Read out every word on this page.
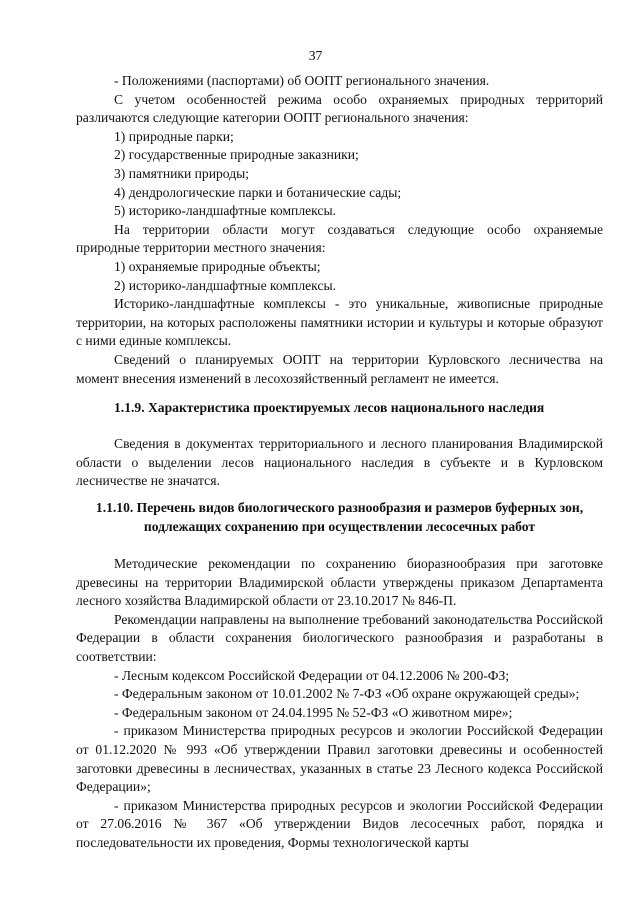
37

- Положениями (паспортами) об ООПТ регионального значения.

С учетом особенностей режима особо охраняемых природных территорий различаются следующие категории ООПТ регионального значения:

1) природные парки;

2) государственные природные заказники;

3) памятники природы;

4) дендрологические парки и ботанические сады;

5) историко-ландшафтные комплексы.

На территории области могут создаваться следующие особо охраняемые природные территории местного значения:

1) охраняемые природные объекты;

2) историко-ландшафтные комплексы.

Историко-ландшафтные комплексы - это уникальные, живописные природные территории, на которых расположены памятники истории и культуры и которые образуют с ними единые комплексы.

Сведений о планируемых ООПТ на территории Курловского лесничества на момент внесения изменений в лесохозяйственный регламент не имеется.

1.1.9. Характеристика проектируемых лесов национального наследия

Сведения в документах территориального и лесного планирования Владимирской области о выделении лесов национального наследия в субъекте и в Курловском лесничестве не значатся.

1.1.10. Перечень видов биологического разнообразия и размеров буферных зон, подлежащих сохранению при осуществлении лесосечных работ

Методические рекомендации по сохранению биоразнообразия при заготовке древесины на территории Владимирской области утверждены приказом Департамента лесного хозяйства Владимирской области от 23.10.2017 № 846-П.

Рекомендации направлены на выполнение требований законодательства Российской Федерации в области сохранения биологического разнообразия и разработаны в соответствии:

- Лесным кодексом Российской Федерации от 04.12.2006 № 200-ФЗ;

- Федеральным законом от 10.01.2002 № 7-ФЗ «Об охране окружающей среды»;

- Федеральным законом от 24.04.1995 № 52-ФЗ «О животном мире»;

- приказом Министерства природных ресурсов и экологии Российской Федерации от 01.12.2020 № 993 «Об утверждении Правил заготовки древесины и особенностей заготовки древесины в лесничествах, указанных в статье 23 Лесного кодекса Российской Федерации»;

- приказом Министерства природных ресурсов и экологии Российской Федерации от 27.06.2016 № 367 «Об утверждении Видов лесосечных работ, порядка и последовательности их проведения, Формы технологической карты
